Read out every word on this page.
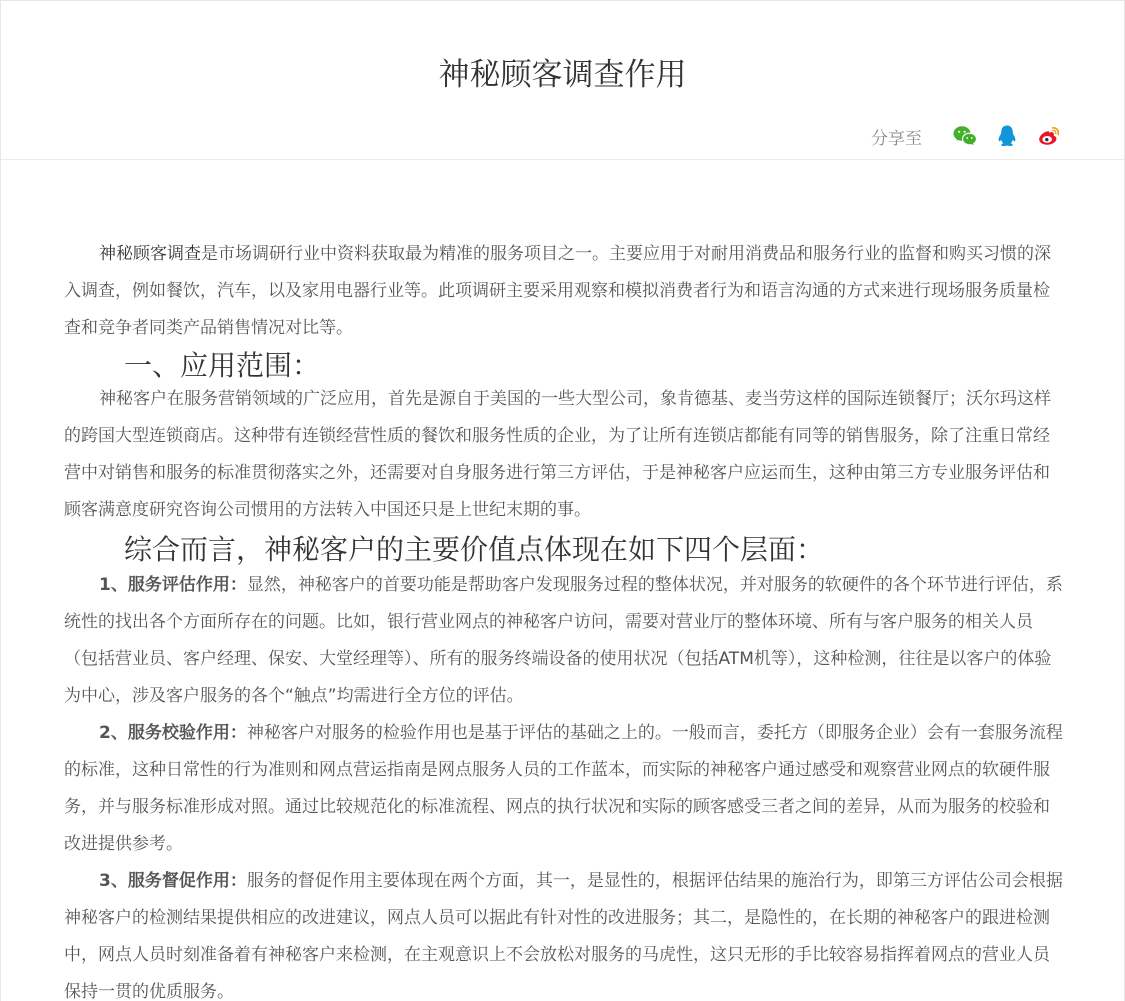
神秘顾客调查作用
分享至

神秘顾客调查是市场调研行业中资料获取最为精准的服务项目之一。主要应用于对耐用消费品和服务行业的监督和购买习惯的深入调查，例如餐饮，汽车，以及家用电器行业等。此项调研主要采用观察和模拟消费者行为和语言沟通的方式来进行现场服务质量检查和竞争者同类产品销售情况对比等。

一、应用范围：

神秘客户在服务营销领域的广泛应用，首先是源自于美国的一些大型公司，象肯德基、麦当劳这样的国际连锁餐厅；沃尔玛这样的跨国大型连锁商店。这种带有连锁经营性质的餐饮和服务性质的企业，为了让所有连锁店都能有同等的销售服务，除了注重日常经营中对销售和服务的标准贯彻落实之外，还需要对自身服务进行第三方评估，于是神秘客户应运而生，这种由第三方专业服务评估和顾客满意度研究咨询公司惯用的方法转入中国还只是上世纪末期的事。

综合而言，神秘客户的主要价值点体现在如下四个层面：

1、服务评估作用：显然，神秘客户的首要功能是帮助客户发现服务过程的整体状况，并对服务的软硬件的各个环节进行评估，系统性的找出各个方面所存在的问题。比如，银行营业网点的神秘客户访问，需要对营业厅的整体环境、所有与客户服务的相关人员（包括营业员、客户经理、保安、大堂经理等）、所有的服务终端设备的使用状况（包括ATM机等），这种检测，往往是以客户的体验为中心，涉及客户服务的各个“触点”均需进行全方位的评估。

2、服务校验作用：神秘客户对服务的检验作用也是基于评估的基础之上的。一般而言，委托方（即服务企业）会有一套服务流程的标准，这种日常性的行为准则和网点营运指南是网点服务人员的工作蓝本，而实际的神秘客户通过感受和观察营业网点的软硬件服务，并与服务标准形成对照。通过比较规范化的标准流程、网点的执行状况和实际的顾客感受三者之间的差异，从而为服务的校验和改进提供参考。

3、服务督促作用：服务的督促作用主要体现在两个方面，其一，是显性的，根据评估结果的施治行为，即第三方评估公司会根据神秘客户的检测结果提供相应的改进建议，网点人员可以据此有针对性的改进服务；其二，是隐性的，在长期的神秘客户的跟进检测中，网点人员时刻准备着有神秘客户来检测，在主观意识上不会放松对服务的马虎性，这只无形的手比较容易指挥着网点的营业人员保持一贯的优质服务。
